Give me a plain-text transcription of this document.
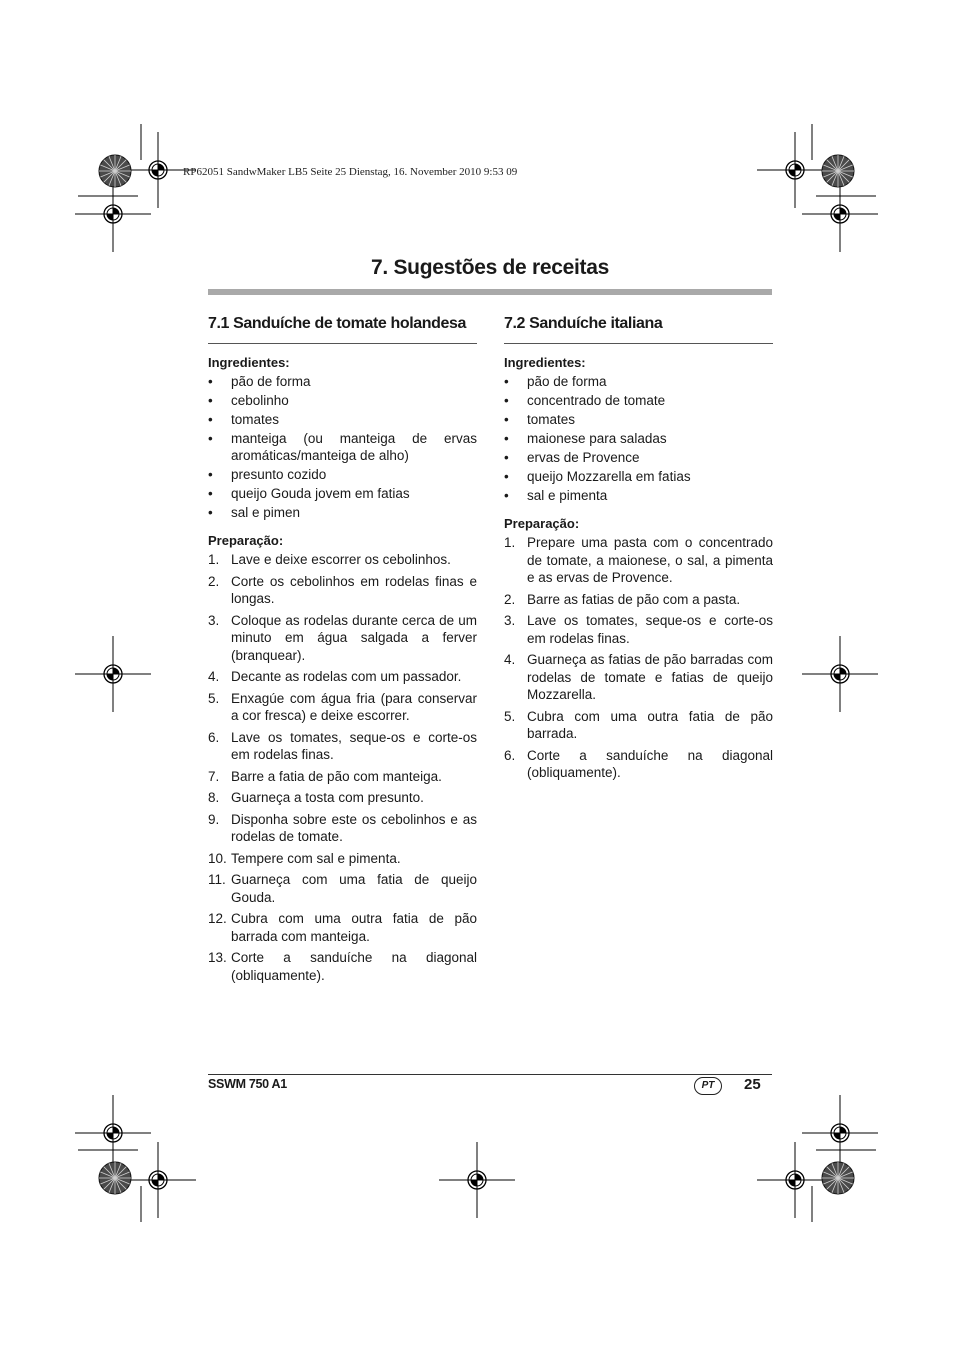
RP62051 SandwMaker LB5 Seite 25 Dienstag, 16. November 2010 9:53 09
7. Sugestões de receitas
7.1 Sanduíche de tomate holandesa
Ingredientes:
• pão de forma
• cebolinho
• tomates
• manteiga (ou manteiga de ervas aromáticas/manteiga de alho)
• presunto cozido
• queijo Gouda jovem em fatias
• sal e pimen
Preparação:
1. Lave e deixe escorrer os cebolinhos.
2. Corte os cebolinhos em rodelas finas e longas.
3. Coloque as rodelas durante cerca de um minuto em água salgada a ferver (branquear).
4. Decante as rodelas com um passador.
5. Enxagúe com água fria (para conservar a cor fresca) e deixe escorrer.
6. Lave os tomates, seque-os e corte-os em rodelas finas.
7. Barre a fatia de pão com manteiga.
8. Guarneça a tosta com presunto.
9. Disponha sobre este os cebolinhos e as rodelas de tomate.
10. Tempere com sal e pimenta.
11. Guarneça com uma fatia de queijo Gouda.
12. Cubra com uma outra fatia de pão barrada com manteiga.
13. Corte a sanduíche na diagonal (obliquamente).
7.2 Sanduíche italiana
Ingredientes:
• pão de forma
• concentrado de tomate
• tomates
• maionese para saladas
• ervas de Provence
• queijo Mozzarella em fatias
• sal e pimenta
Preparação:
1. Prepare uma pasta com o concentrado de tomate, a maionese, o sal, a pimenta e as ervas de Provence.
2. Barre as fatias de pão com a pasta.
3. Lave os tomates, seque-os e corte-os em rodelas finas.
4. Guarneça as fatias de pão barradas com rodelas de tomate e fatias de queijo Mozzarella.
5. Cubra com uma outra fatia de pão barrada.
6. Corte a sanduíche na diagonal (obliquamente).
SSWM 750 A1	PT	25
